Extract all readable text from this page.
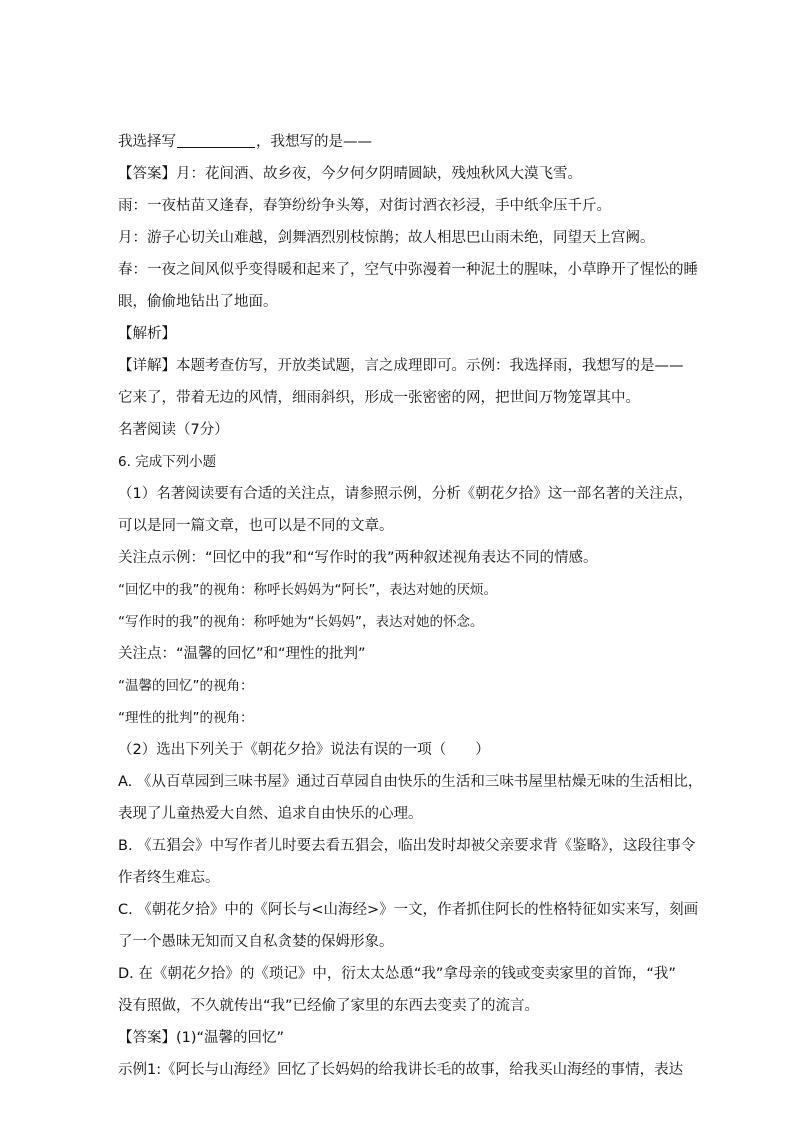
我选择写	，我想写的是——
【答案】月：花间酒、故乡夜，今夕何夕阴晴圆缺，残烛秋风大漠飞雪。
雨：一夜枯苗又逢春，春笋纷纷争头筹，对街讨酒衣衫浸，手中纸伞压千斤。
月：游子心切关山难越，剑舞酒烈别枝惊鹊；故人相思巴山雨未绝，同望天上宫阙。
春：一夜之间风似乎变得暖和起来了，空气中弥漫着一种泥土的腥味，小草睁开了惺忪的睡
眼，偷偷地钻出了地面。
【解析】
【详解】本题考查仿写，开放类试题，言之成理即可。示例：我选择雨，我想写的是——
它来了，带着无边的风情，细雨斜织，形成一张密密的网，把世间万物笼罩其中。
名著阅读（7分）
6. 完成下列小题
（1）名著阅读要有合适的关注点，请参照示例，分析《朝花夕拾》这一部名著的关注点，
可以是同一篇文章，也可以是不同的文章。
关注点示例：“回忆中的我”和“写作时的我”两种叙述视角表达不同的情感。
“回忆中的我”的视角：称呼长妈妈为“阿长”，表达对她的厌烦。
“写作时的我”的视角：称呼她为“长妈妈”，表达对她的怀念。
关注点：“温馨的回忆”和“理性的批判”
“温馨的回忆”的视角：
“理性的批判”的视角：
（2）选出下列关于《朝花夕拾》说法有误的一项（　　）
A. 《从百草园到三味书屋》通过百草园自由快乐的生活和三味书屋里枯燥无味的生活相比，
表现了儿童热爱大自然、追求自由快乐的心理。
B. 《五猖会》中写作者儿时要去看五猖会，临出发时却被父亲要求背《鉴略》，这段往事令
作者终生难忘。
C. 《朝花夕拾》中的《阿长与<山海经>》一文，作者抓住阿长的性格特征如实来写，刻画
了一个愚昧无知而又自私贪婪的保姆形象。
D. 在《朝花夕拾》的《琐记》中，衍太太怂恿“我”拿母亲的钱或变卖家里的首饰，“我”
没有照做，不久就传出“我”已经偷了家里的东西去变卖了的流言。
【答案】(1)“温馨的回忆”
示例1:《阿长与山海经》回忆了长妈妈的给我讲长毛的故事，给我买山海经的事情，表达
